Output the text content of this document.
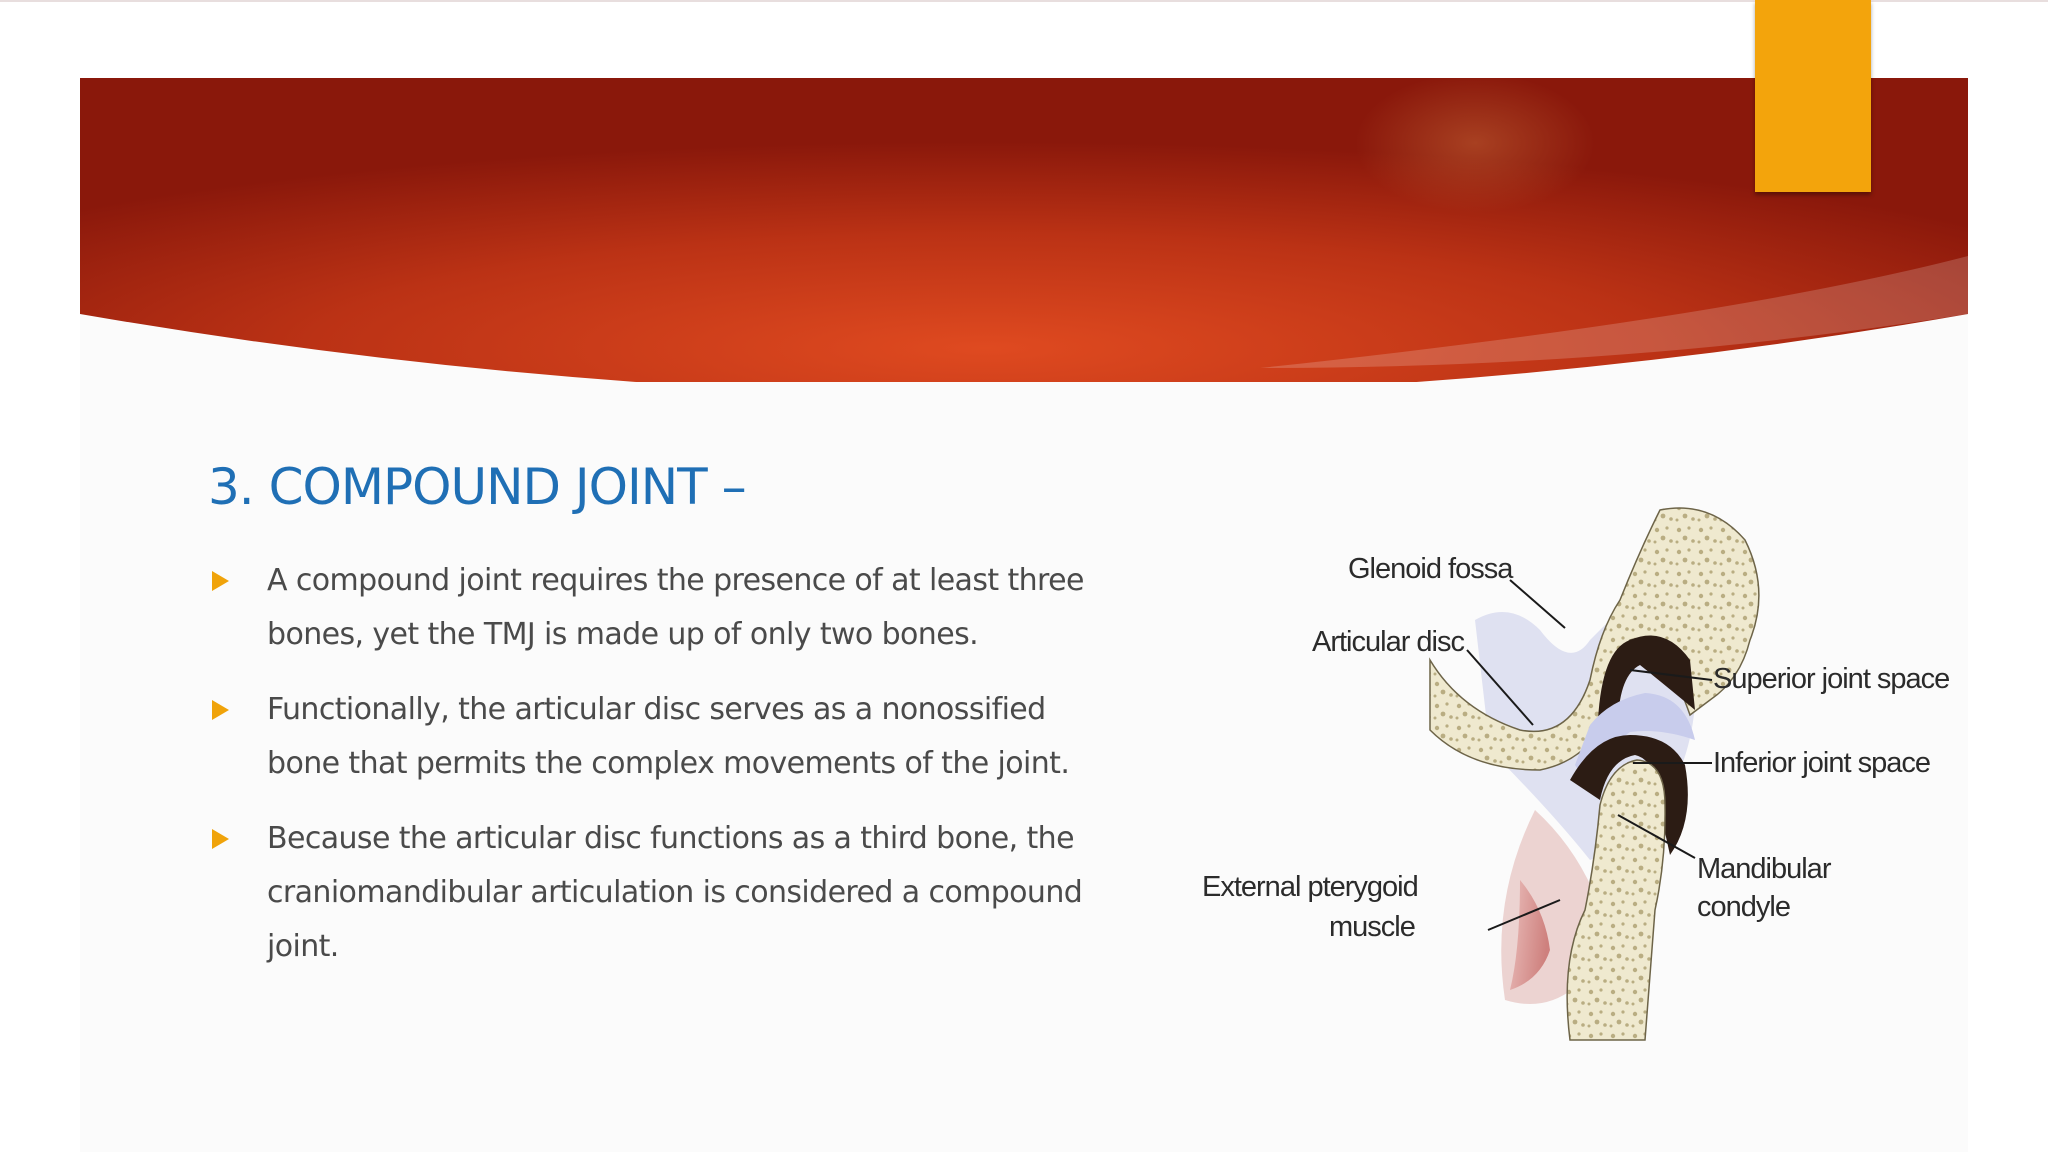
3. COMPOUND JOINT –
A compound joint requires the presence of at least three bones, yet the TMJ is made up of only two bones.
Functionally, the articular disc serves as a nonossified bone that permits the complex movements of the joint.
Because the articular disc functions as a third bone, the craniomandibular articulation is considered a compound joint.
Glenoid fossa
Articular disc
Superior joint space
Inferior joint space
Mandibular
condyle
External pterygoid
muscle
